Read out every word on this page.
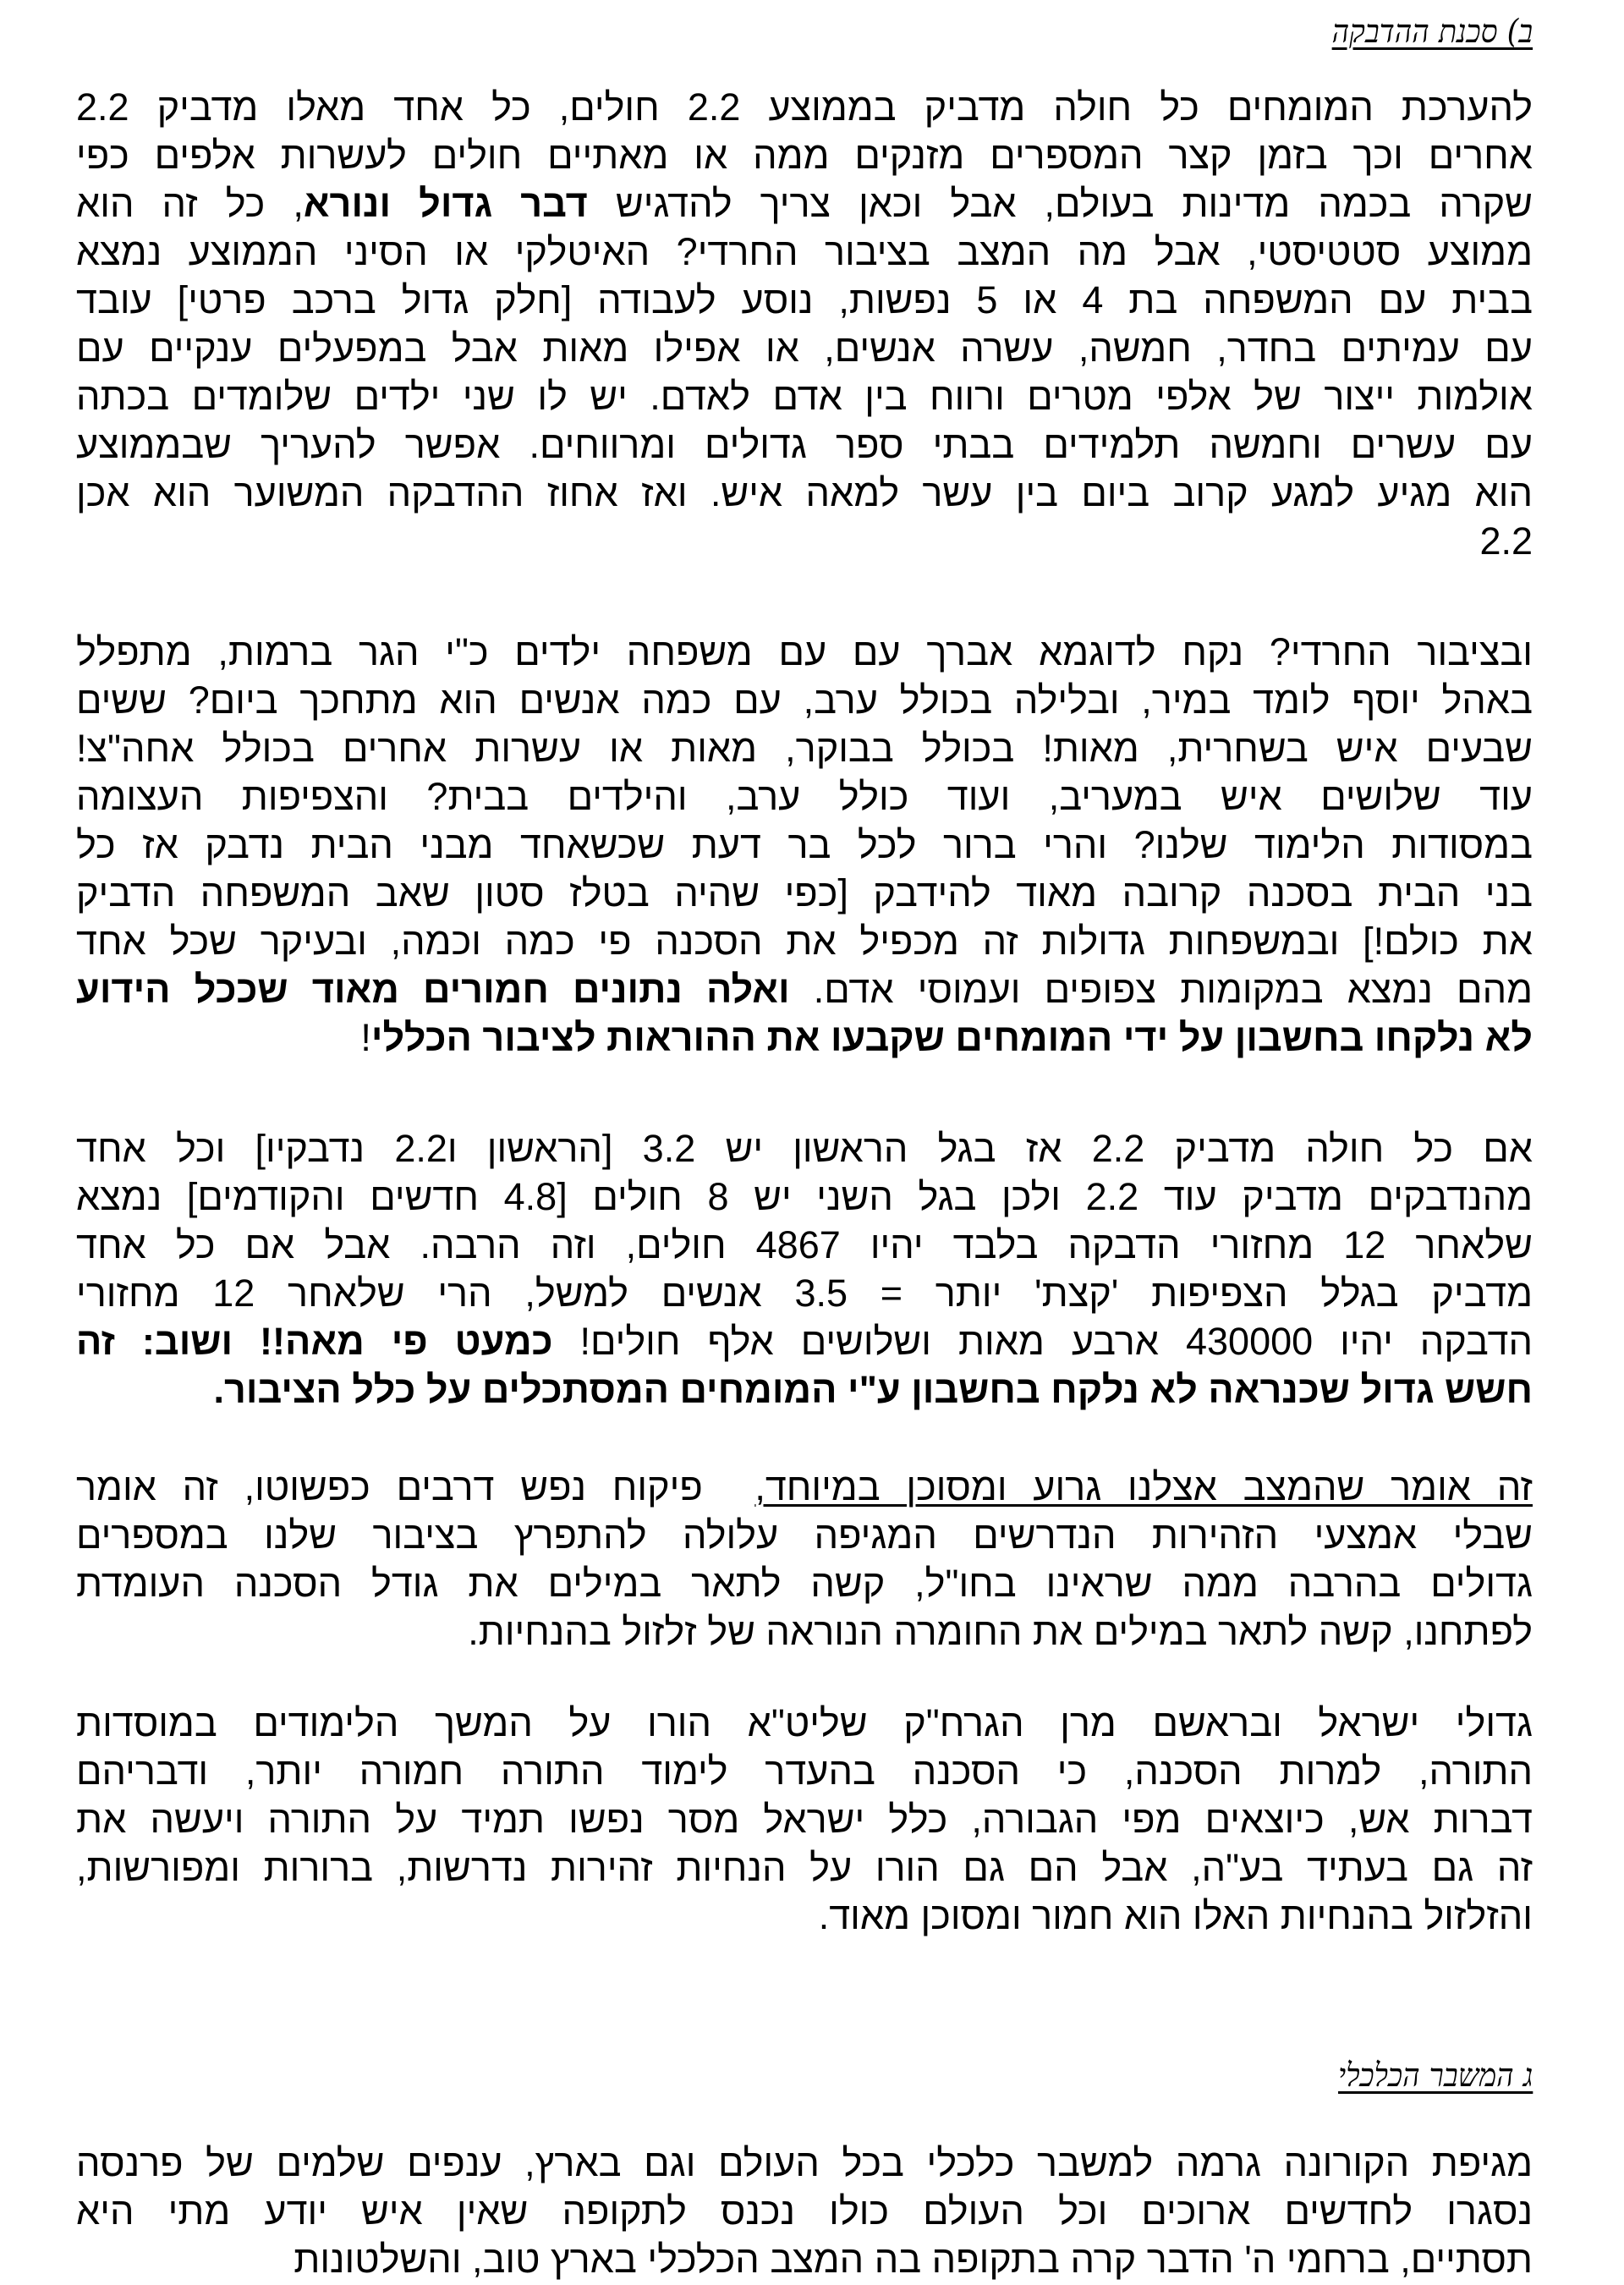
ב) סכנת ההדבקה
להערכת המומחים כל חולה מדביק בממוצע 2.2 חולים, כל אחד מאלו מדביק 2.2
אחרים וכך בזמן קצר המספרים מזנקים ממה או מאתיים חולים לעשרות אלפים כפי
שקרה בכמה מדינות בעולם, אבל וכאן צריך להדגיש דבר גדול ונורא, כל זה הוא
ממוצע סטטיסטי, אבל מה המצב בציבור החרדי? האיטלקי או הסיני הממוצע נמצא
בבית עם המשפחה בת 4 או 5 נפשות, נוסע לעבודה [חלק גדול ברכב פרטי] עובד
עם עמיתים בחדר, חמשה, עשרה אנשים, או אפילו מאות אבל במפעלים ענקיים עם
אולמות ייצור של אלפי מטרים ורווח בין אדם לאדם. יש לו שני ילדים שלומדים בכתה
עם עשרים וחמשה תלמידים בבתי ספר גדולים ומרווחים. אפשר להעריך שבממוצע
הוא מגיע למגע קרוב ביום בין עשר למאה איש. ואז אחוז ההדבקה המשוער הוא אכן
2.2
ובציבור החרדי? נקח לדוגמא אברך עם עם משפחה ילדים כ"י הגר ברמות, מתפלל
באהל יוסף לומד במיר, ובלילה בכולל ערב, עם כמה אנשים הוא מתחכך ביום? ששים
שבעים איש בשחרית, מאות! בכולל בבוקר, מאות או עשרות אחרים בכולל אחה"צ!
עוד שלושים איש במעריב, ועוד כולל ערב, והילדים בבית? והצפיפות העצומה
במסודות הלימוד שלנו? והרי ברור לכל בר דעת שכשאחד מבני הבית נדבק אז כל
בני הבית בסכנה קרובה מאוד להידבק [כפי שהיה בטלז סטון שאב המשפחה הדביק
את כולם!] ובמשפחות גדולות זה מכפיל את הסכנה פי כמה וכמה, ובעיקר שכל אחד
מהם נמצא במקומות צפופים ועמוסי אדם. ואלה נתונים חמורים מאוד שככל הידוע
לא נלקחו בחשבון על ידי המומחים שקבעו את ההוראות לציבור הכללי!
אם כל חולה מדביק 2.2 אז בגל הראשון יש 3.2 [הראשון ו2.2 נדבקיו] וכל אחד
מהנדבקים מדביק עוד 2.2 ולכן בגל השני יש 8 חולים [4.8 חדשים והקודמים] נמצא
שלאחר 12 מחזורי הדבקה בלבד יהיו 4867 חולים, וזה הרבה. אבל אם כל אחד
מדביק בגלל הצפיפות 'קצת' יותר = 3.5 אנשים למשל, הרי שלאחר 12 מחזורי
הדבקה יהיו 430000 ארבע מאות ושלושים אלף חולים! כמעט פי מאה!! ושוב: זה
חשש גדול שכנראה לא נלקח בחשבון ע"י המומחים המסתכלים על כלל הציבור.
זה אומר שהמצב אצלנו גרוע ומסוכן במיוחד,  פיקוח נפש דרבים כפשוטו, זה אומר
שבלי אמצעי הזהירות הנדרשים המגיפה עלולה להתפרץ בציבור שלנו במספרים
גדולים בהרבה ממה שראינו בחו"ל, קשה לתאר במילים את גודל הסכנה העומדת
לפתחנו, קשה לתאר במילים את החומרה הנוראה של זלזול בהנחיות.
גדולי ישראל ובראשם מרן הגרח"ק שליט"א הורו על המשך הלימודים במוסדות
התורה, למרות הסכנה, כי הסכנה בהעדר לימוד התורה חמורה יותר, ודבריהם
דברות אש, כיוצאים מפי הגבורה, כלל ישראל מסר נפשו תמיד על התורה ויעשה את
זה גם בעתיד בע"ה, אבל הם גם הורו על הנחיות זהירות נדרשות, ברורות ומפורשות,
והזלזול בהנחיות האלו הוא חמור ומסוכן מאוד.
ג המשבר הכלכלי
מגיפת הקורונה גרמה למשבר כלכלי בכל העולם וגם בארץ, ענפים שלמים של פרנסה
נסגרו לחדשים ארוכים וכל העולם כולו נכנס לתקופה שאין איש יודע מתי היא
תסתיים, ברחמי ה' הדבר קרה בתקופה בה המצב הכלכלי בארץ טוב, והשלטונות
